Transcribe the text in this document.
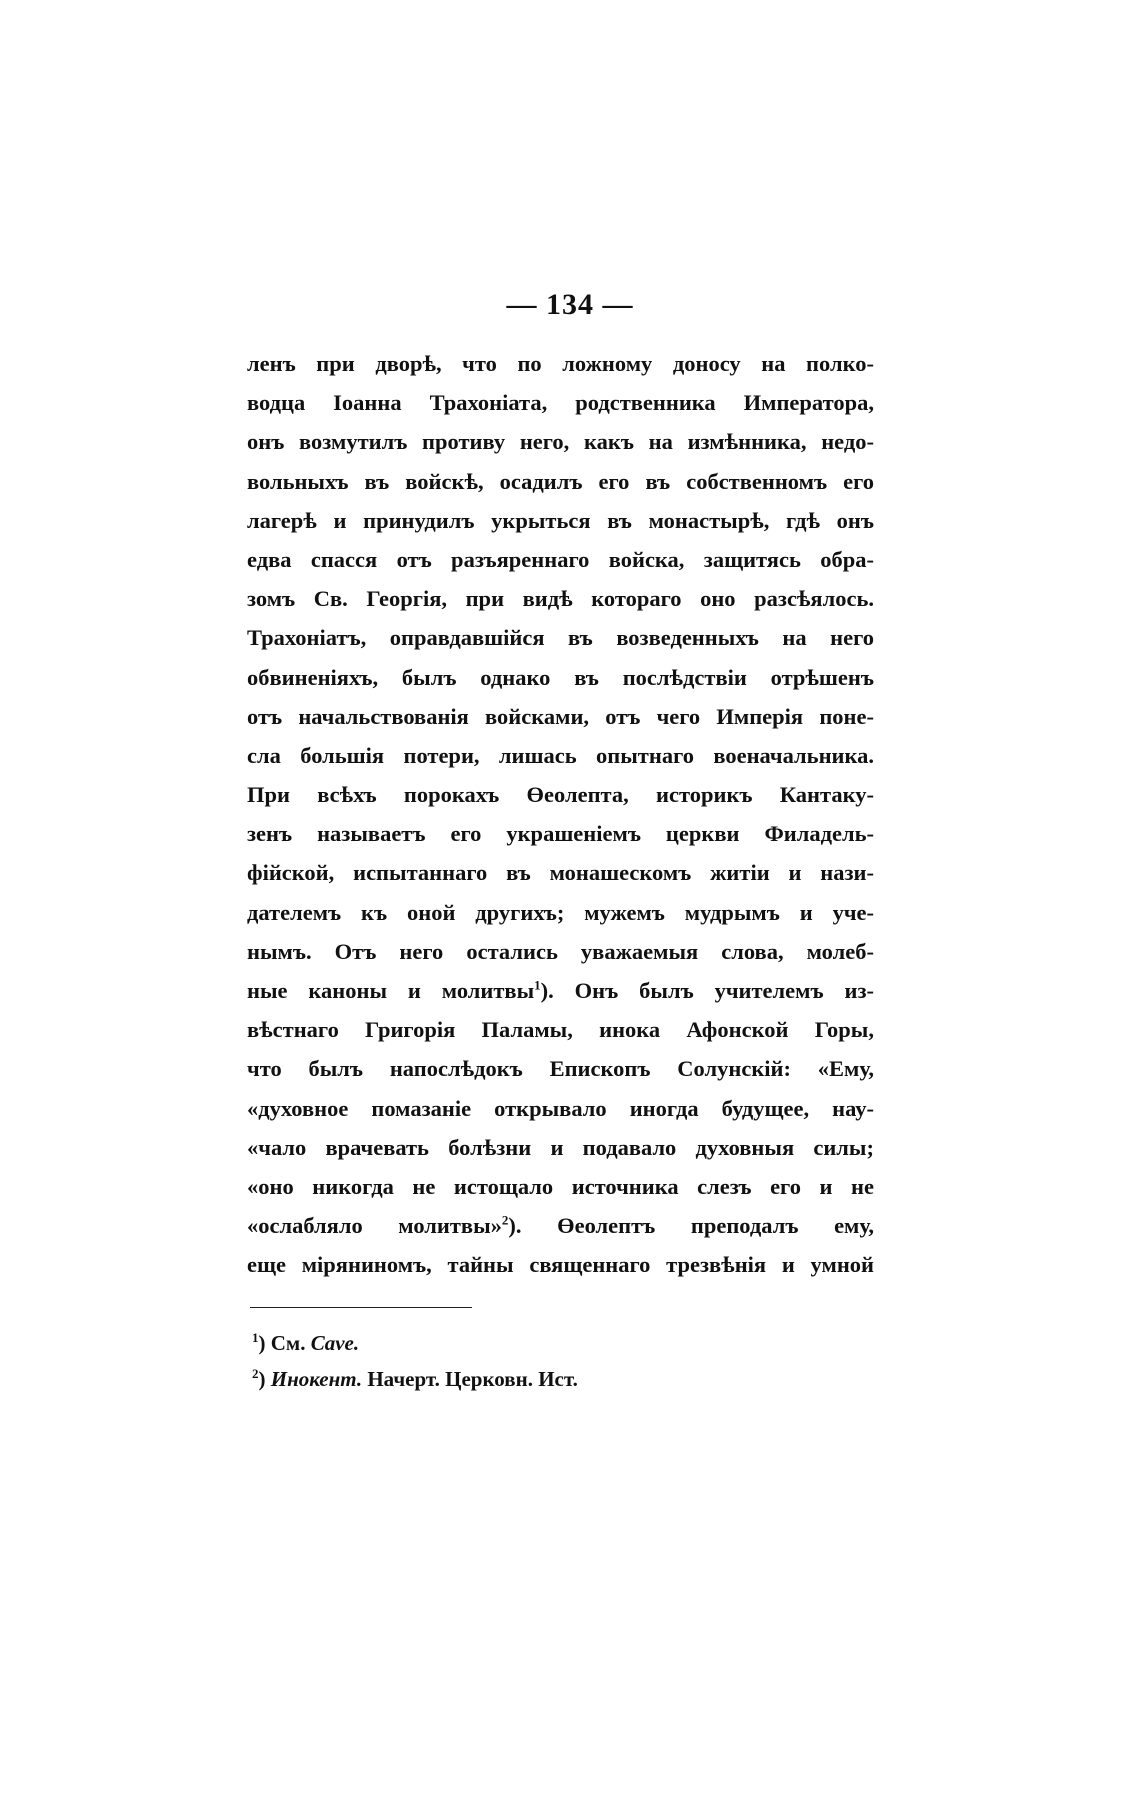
— 134 —
ленъ при дворѣ, что по ложному доносу на полко-
водца Іоанна Трахоніата, родственника Императора,
онъ возмутилъ противу него, какъ на измѣнника, недо-
вольныхъ въ войскѣ, осадилъ его въ собственномъ его
лагерѣ и принудилъ укрыться въ монастырѣ, гдѣ онъ
едва спасся отъ разъяреннаго войска, защитясь обра-
зомъ Св. Георгія, при видѣ котораго оно разсѣялось.
Трахоніатъ, оправдавшійся въ возведенныхъ на него
обвиненіяхъ, былъ однако въ послѣдствіи отрѣшенъ
отъ начальствованія войсками, отъ чего Имперія поне-
сла большія потери, лишась опытнаго военачальника.
При всѣхъ порокахъ Өеолепта, историкъ Кантаку-
зенъ называетъ его украшеніемъ церкви Филадель-
фійской, испытаннаго въ монашескомъ житіи и нази-
дателемъ къ оной другихъ; мужемъ мудрымъ и уче-
нымъ. Отъ него остались уважаемыя слова, молеб-
ные каноны и молитвы$^1$). Онъ былъ учителемъ из-
вѣстнаго Григорія Паламы, инока Афонской Горы,
что былъ напослѣдокъ Епископъ Солунскій: «Ему,
«духовное помазаніе открывало иногда будущее, нау-
«чало врачевать болѣзни и подавало духовныя силы;
«оно никогда не истощало источника слезъ его и не
«ослабляло молитвы»$^2$). Өеолептъ преподалъ ему,
еще міряниномъ, тайны священнаго трезвѣнія и умной
$^1$) См. Cave.
$^2$) Инокент. Начерт. Церковн. Ист.
